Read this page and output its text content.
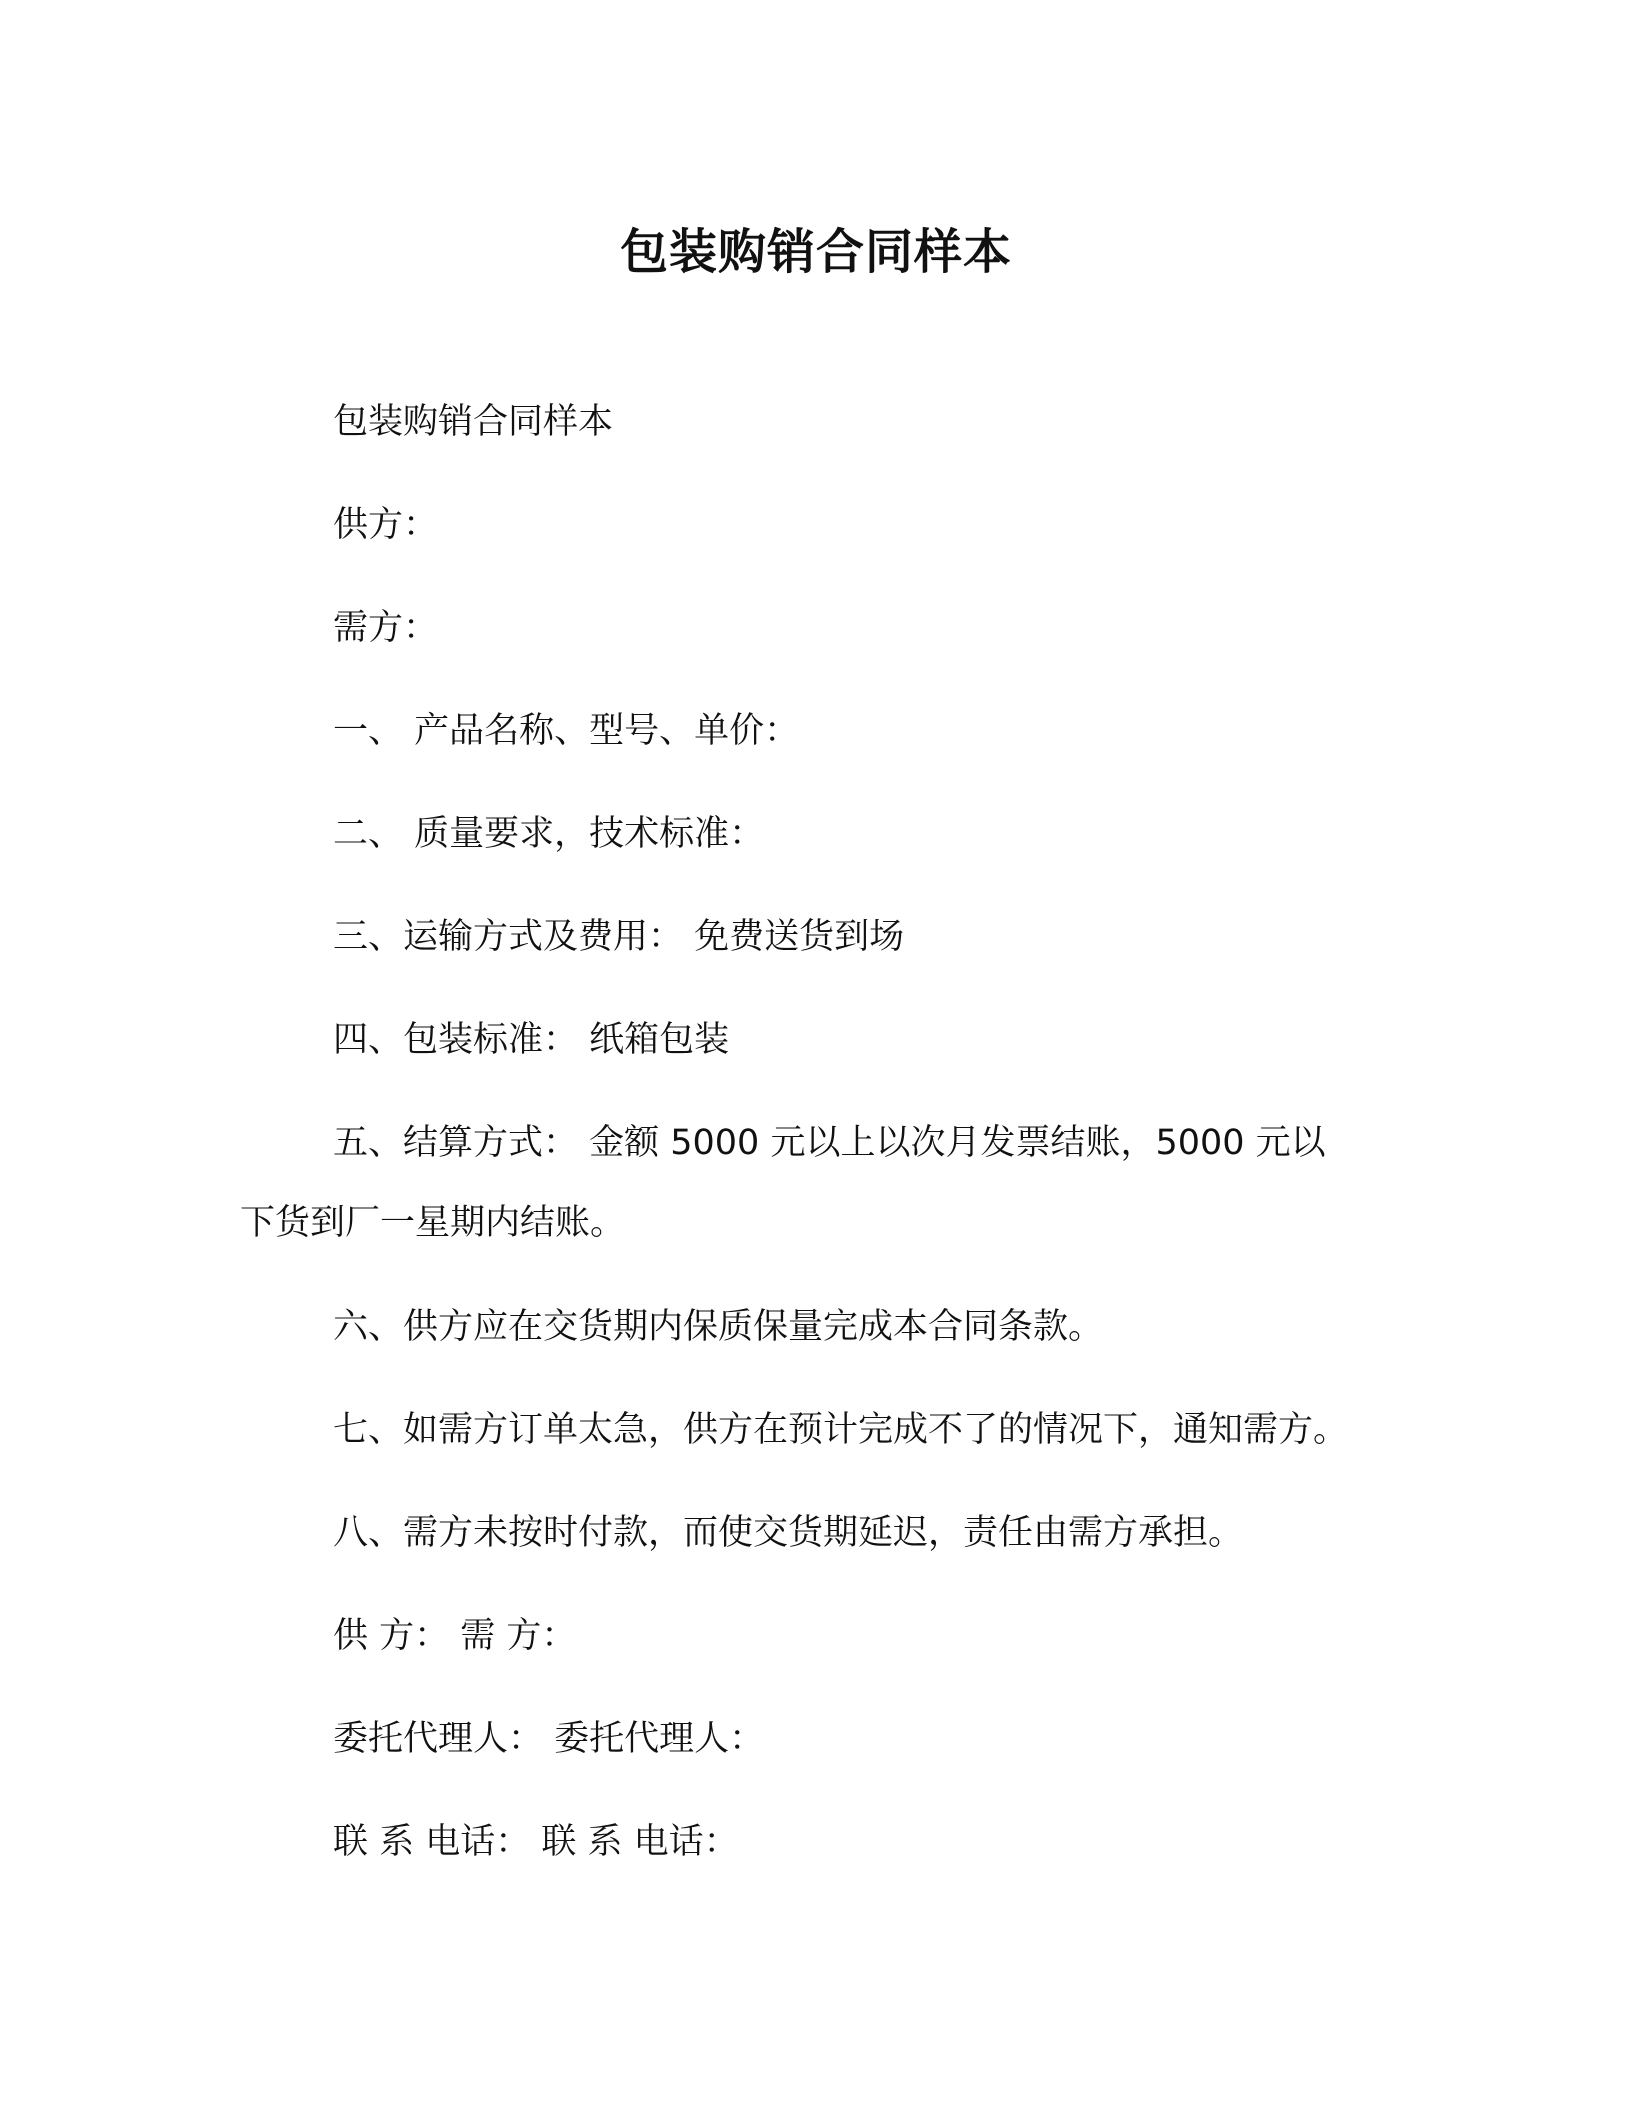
包装购销合同样本
包装购销合同样本
供方：
需方：
一、 产品名称、型号、单价：
二、 质量要求，技术标准：
三、运输方式及费用： 免费送货到场
四、包装标准： 纸箱包装
五、结算方式： 金额 5000 元以上以次月发票结账，5000 元以
下货到厂一星期内结账。
六、供方应在交货期内保质保量完成本合同条款。
七、如需方订单太急，供方在预计完成不了的情况下，通知需方。
八、需方未按时付款，而使交货期延迟，责任由需方承担。
供 方： 需 方：
委托代理人： 委托代理人：
联 系 电话： 联 系 电话：
